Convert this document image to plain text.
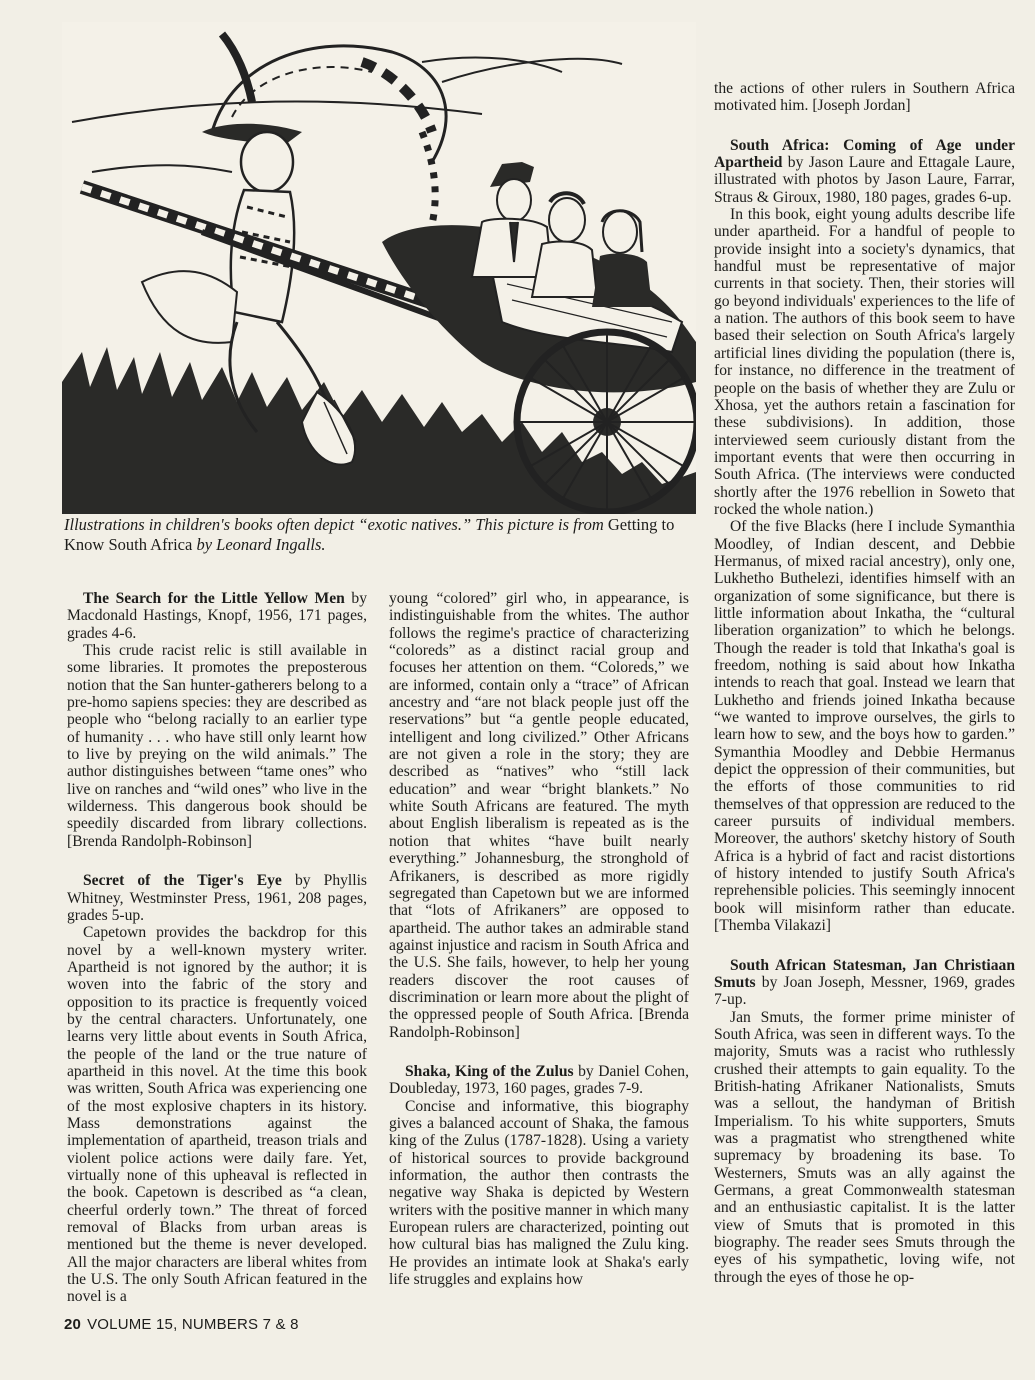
Illustrations in children's books often depict “exotic natives.” This picture is from Getting to Know South Africa by Leonard Ingalls.

The Search for the Little Yellow Men by Macdonald Hastings, Knopf, 1956, 171 pages, grades 4-6.

This crude racist relic is still available in some libraries. It promotes the preposterous notion that the San hunter-gatherers belong to a pre-homo sapiens species: they are described as people who “belong racially to an earlier type of humanity . . . who have still only learnt how to live by preying on the wild animals.” The author distinguishes between “tame ones” who live on ranches and “wild ones” who live in the wilderness. This dangerous book should be speedily discarded from library collections. [Brenda Randolph-Robinson]

Secret of the Tiger's Eye by Phyllis Whitney, Westminster Press, 1961, 208 pages, grades 5-up.

Capetown provides the backdrop for this novel by a well-known mystery writer. Apartheid is not ignored by the author; it is woven into the fabric of the story and opposition to its practice is frequently voiced by the central characters. Unfortunately, one learns very little about events in South Africa, the people of the land or the true nature of apartheid in this novel. At the time this book was written, South Africa was experiencing one of the most explosive chapters in its history. Mass demonstrations against the implementation of apartheid, treason trials and violent police actions were daily fare. Yet, virtually none of this upheaval is reflected in the book. Capetown is described as “a clean, cheerful orderly town.” The threat of forced removal of Blacks from urban areas is mentioned but the theme is never developed. All the major characters are liberal whites from the U.S. The only South African featured in the novel is a

young “colored” girl who, in appearance, is indistinguishable from the whites. The author follows the regime's practice of characterizing “coloreds” as a distinct racial group and focuses her attention on them. “Coloreds,” we are informed, contain only a “trace” of African ancestry and “are not black people just off the reservations” but “a gentle people educated, intelligent and long civilized.” Other Africans are not given a role in the story; they are described as “natives” who “still lack education” and wear “bright blankets.” No white South Africans are featured. The myth about English liberalism is repeated as is the notion that whites “have built nearly everything.” Johannesburg, the stronghold of Afrikaners, is described as more rigidly segregated than Capetown but we are informed that “lots of Afrikaners” are opposed to apartheid. The author takes an admirable stand against injustice and racism in South Africa and the U.S. She fails, however, to help her young readers discover the root causes of discrimination or learn more about the plight of the oppressed people of South Africa. [Brenda Randolph-Robinson]

Shaka, King of the Zulus by Daniel Cohen, Doubleday, 1973, 160 pages, grades 7-9.

Concise and informative, this biography gives a balanced account of Shaka, the famous king of the Zulus (1787-1828). Using a variety of historical sources to provide background information, the author then contrasts the negative way Shaka is depicted by Western writers with the positive manner in which many European rulers are characterized, pointing out how cultural bias has maligned the Zulu king. He provides an intimate look at Shaka's early life struggles and explains how

the actions of other rulers in Southern Africa motivated him. [Joseph Jordan]

South Africa: Coming of Age under Apartheid by Jason Laure and Ettagale Laure, illustrated with photos by Jason Laure, Farrar, Straus & Giroux, 1980, 180 pages, grades 6-up.

In this book, eight young adults describe life under apartheid. For a handful of people to provide insight into a society's dynamics, that handful must be representative of major currents in that society. Then, their stories will go beyond individuals' experiences to the life of a nation. The authors of this book seem to have based their selection on South Africa's largely artificial lines dividing the population (there is, for instance, no difference in the treatment of people on the basis of whether they are Zulu or Xhosa, yet the authors retain a fascination for these subdivisions). In addition, those interviewed seem curiously distant from the important events that were then occurring in South Africa. (The interviews were conducted shortly after the 1976 rebellion in Soweto that rocked the whole nation.)

Of the five Blacks (here I include Symanthia Moodley, of Indian descent, and Debbie Hermanus, of mixed racial ancestry), only one, Lukhetho Buthelezi, identifies himself with an organization of some significance, but there is little information about Inkatha, the “cultural liberation organization” to which he belongs. Though the reader is told that Inkatha's goal is freedom, nothing is said about how Inkatha intends to reach that goal. Instead we learn that Lukhetho and friends joined Inkatha because “we wanted to improve ourselves, the girls to learn how to sew, and the boys how to garden.” Symanthia Moodley and Debbie Hermanus depict the oppression of their communities, but the efforts of those communities to rid themselves of that oppression are reduced to the career pursuits of individual members. Moreover, the authors' sketchy history of South Africa is a hybrid of fact and racist distortions of history intended to justify South Africa's reprehensible policies. This seemingly innocent book will misinform rather than educate. [Themba Vilakazi]

South African Statesman, Jan Christiaan Smuts by Joan Joseph, Messner, 1969, grades 7-up.

Jan Smuts, the former prime minister of South Africa, was seen in different ways. To the majority, Smuts was a racist who ruthlessly crushed their attempts to gain equality. To the British-hating Afrikaner Nationalists, Smuts was a sellout, the handyman of British Imperialism. To his white supporters, Smuts was a pragmatist who strengthened white supremacy by broadening its base. To Westerners, Smuts was an ally against the Germans, a great Commonwealth statesman and an enthusiastic capitalist. It is the latter view of Smuts that is promoted in this biography. The reader sees Smuts through the eyes of his sympathetic, loving wife, not through the eyes of those he op-

20 VOLUME 15, NUMBERS 7 & 8
